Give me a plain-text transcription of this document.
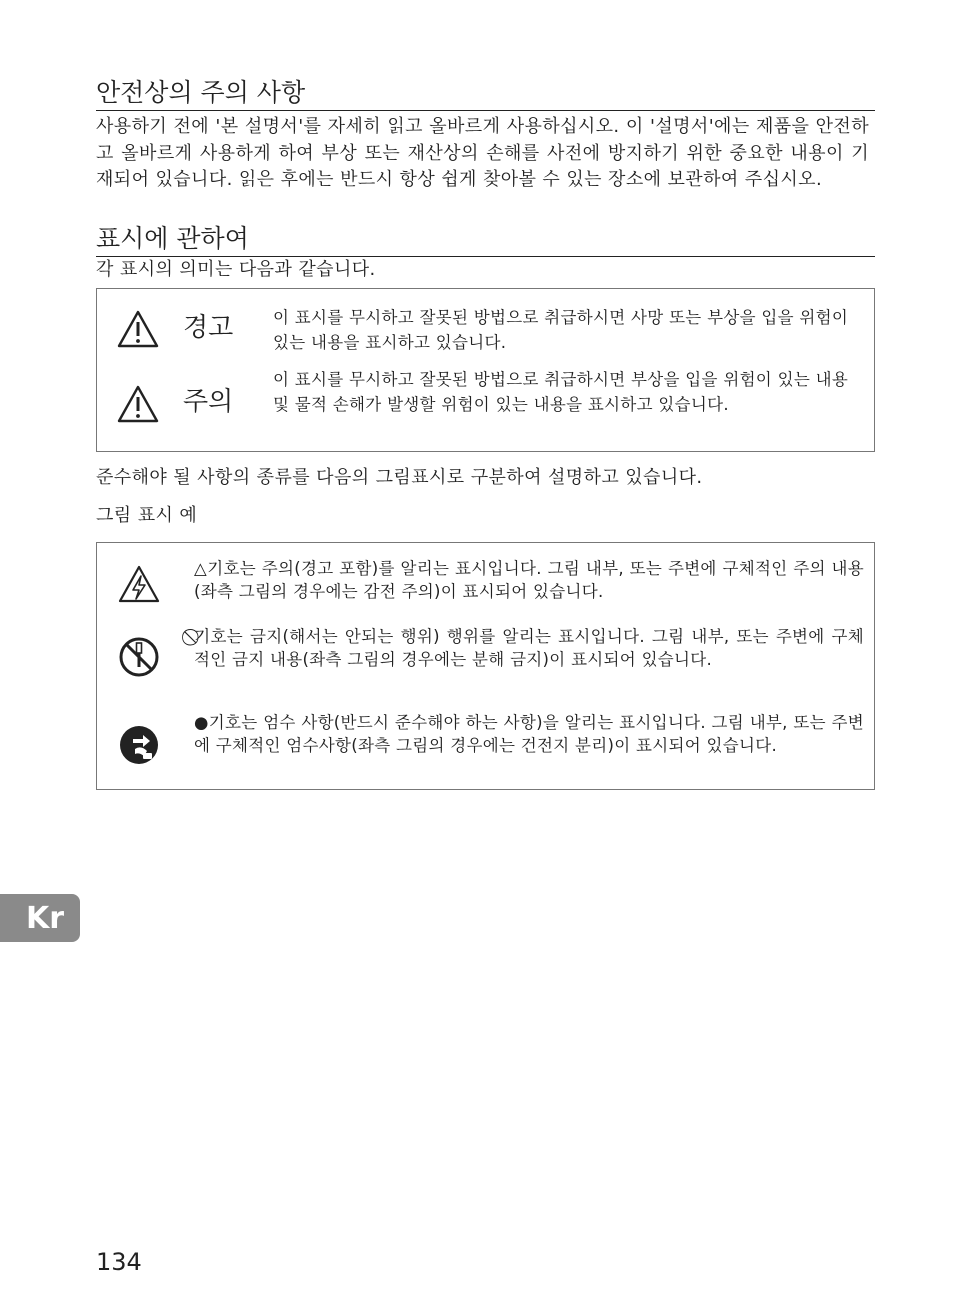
안전상의 주의 사항
사용하기 전에 '본 설명서'를 자세히 읽고 올바르게 사용하십시오. 이 '설명서'에는 제품을 안전하고 올바르게 사용하게 하여 부상 또는 재산상의 손해를 사전에 방지하기 위한 중요한 내용이 기재되어 있습니다. 읽은 후에는 반드시 항상 쉽게 찾아볼 수 있는 장소에 보관하여 주십시오.
표시에 관하여
각 표시의 의미는 다음과 같습니다.
경고 이 표시를 무시하고 잘못된 방법으로 취급하시면 사망 또는 부상을 입을 위험이 있는 내용을 표시하고 있습니다.
주의
이 표시를 무시하고 잘못된 방법으로 취급하시면 부상을 입을 위험이 있는 내용 및 물적 손해가 발생할 위험이 있는 내용을 표시하고 있습니다.
준수해야 될 사항의 종류를 다음의 그림표시로 구분하여 설명하고 있습니다.
그림 표시 예
△기호는 주의(경고 포함)를 알리는 표시입니다. 그림 내부, 또는 주변에 구체적인 주의 내용(좌측 그림의 경우에는 감전 주의)이 표시되어 있습니다.
⃠기호는 금지(해서는 안되는 행위) 행위를 알리는 표시입니다. 그림 내부, 또는 주변에 구체적인 금지 내용(좌측 그림의 경우에는 분해 금지)이 표시되어 있습니다.
●기호는 엄수 사항(반드시 준수해야 하는 사항)을 알리는 표시입니다. 그림 내부, 또는 주변에 구체적인 엄수사항(좌측 그림의 경우에는 건전지 분리)이 표시되어 있습니다.
Kr
134
